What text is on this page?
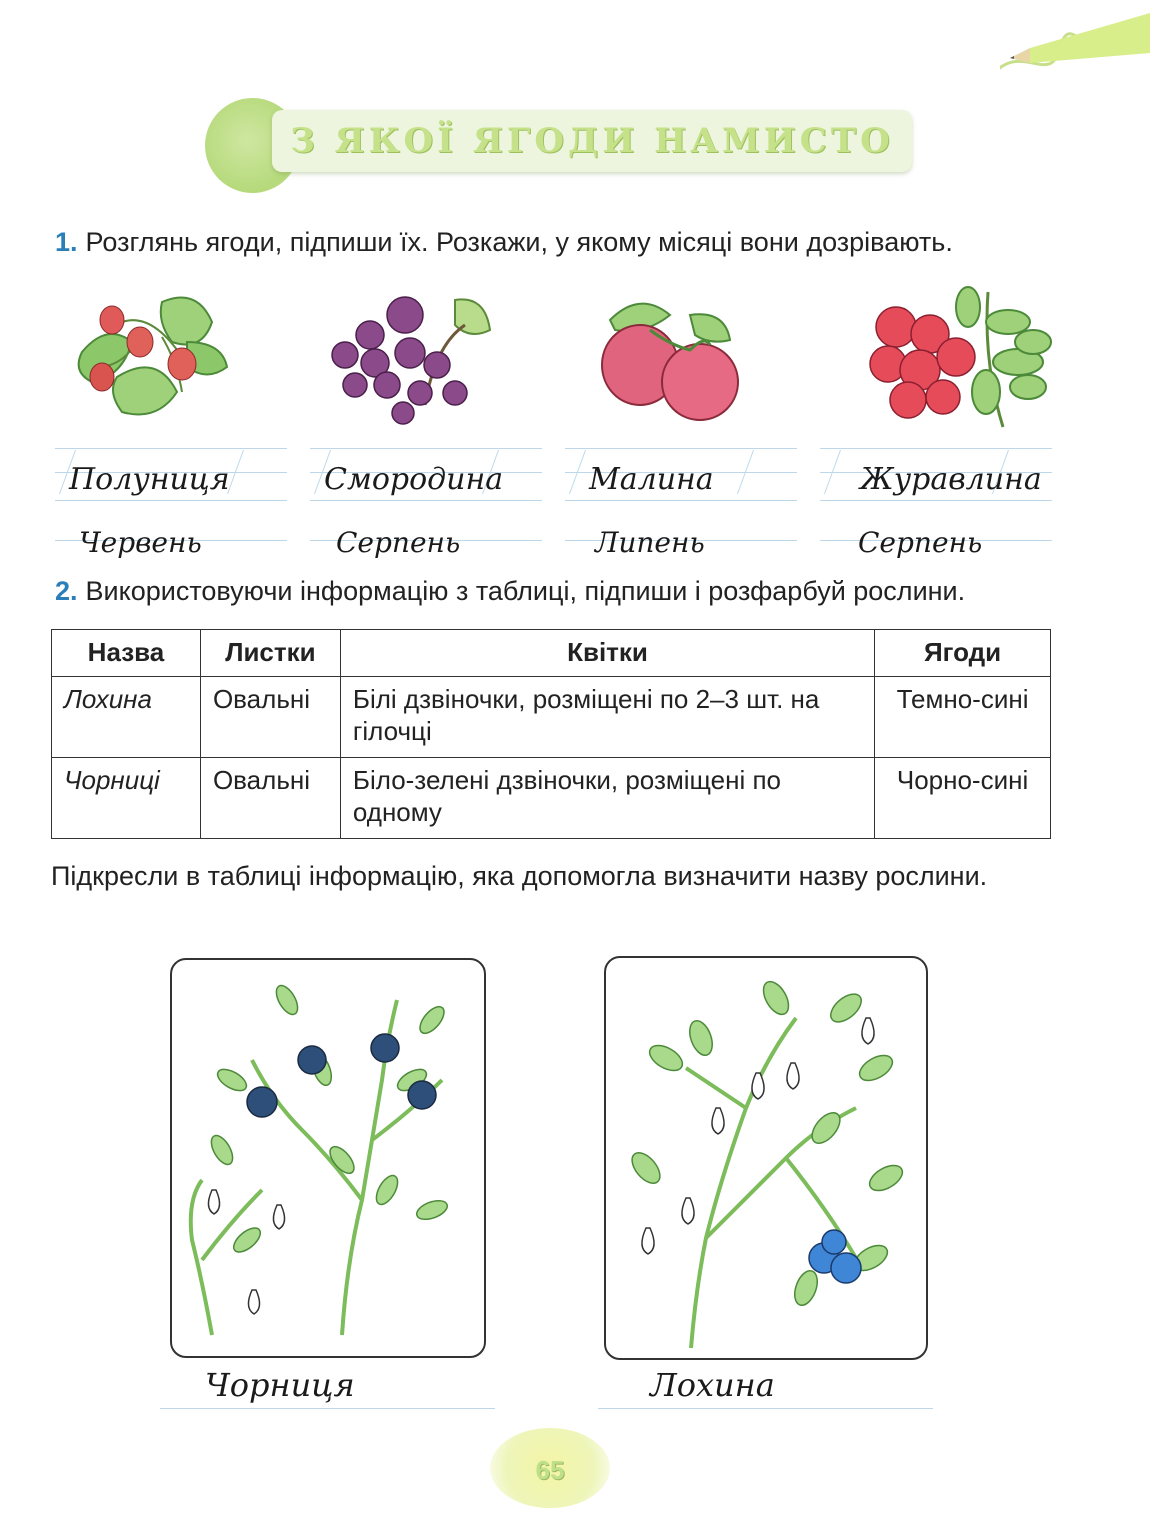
З ЯКОЇ ЯГОДИ НАМИСТО
1. Розглянь ягоди, підпиши їх. Розкажи, у якому місяці вони дозрівають.
Полуниця
Червень
Смородина
Серпень
Малина
Липень
Журавлина
Серпень
2. Використовуючи інформацію з таблиці, підпиши і розфарбуй рослини.
Назва	Листки	Квітки	Ягоди
Лохина	Овальні	Білі дзвіночки, розміщені по 2–3 шт. на гілочці	Темно-сині
Чорниці	Овальні	Біло-зелені дзвіночки, розміщені по одному	Чорно-сині
Підкресли в таблиці інформацію, яка допомогла визначити назву рослини.
Чорниця	Лохина
65
